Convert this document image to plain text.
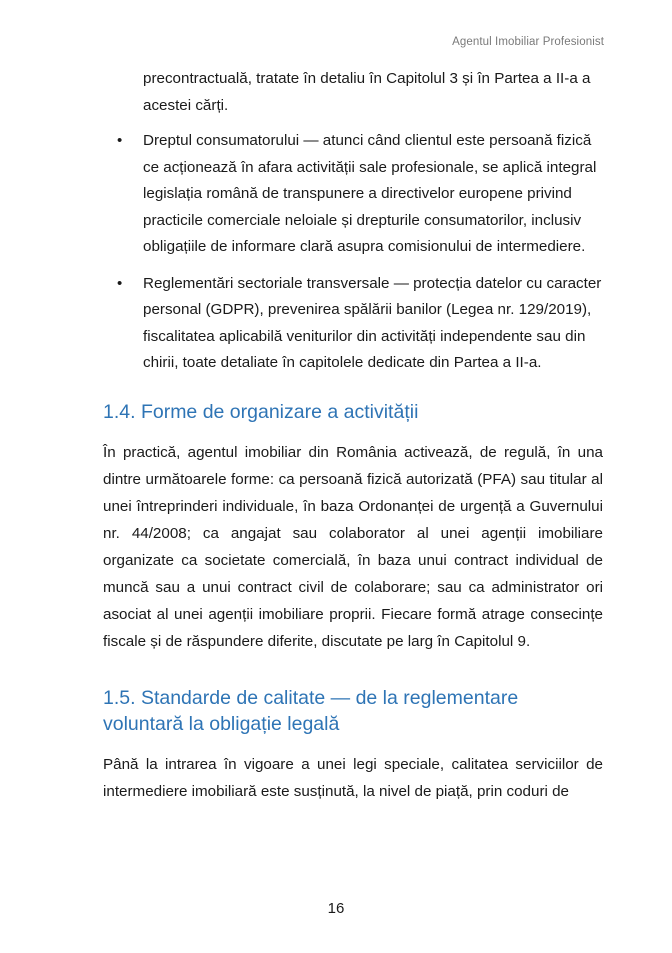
Agentul Imobiliar Profesionist

precontractuală, tratate în detaliu în Capitolul 3 și în Partea a II-a a acestei cărți.

• Dreptul consumatorului — atunci când clientul este persoană fizică ce acționează în afara activității sale profesionale, se aplică integral legislația română de transpunere a directivelor europene privind practicile comerciale neloiale și drepturile consumatorilor, inclusiv obligațiile de informare clară asupra comisionului de intermediere.
• Reglementări sectoriale transversale — protecția datelor cu caracter personal (GDPR), prevenirea spălării banilor (Legea nr. 129/2019), fiscalitatea aplicabilă veniturilor din activități independente sau din chirii, toate detaliate în capitolele dedicate din Partea a II-a.
1.4. Forme de organizare a activității

În practică, agentul imobiliar din România activează, de regulă, în una dintre următoarele forme: ca persoană fizică autorizată (PFA) sau titular al unei întreprinderi individuale, în baza Ordonanței de urgență a Guvernului nr. 44/2008; ca angajat sau colaborator al unei agenții imobiliare organizate ca societate comercială, în baza unui contract individual de muncă sau a unui contract civil de colaborare; sau ca administrator ori asociat al unei agenții imobiliare proprii. Fiecare formă atrage consecințe fiscale și de răspundere diferite, discutate pe larg în Capitolul 9.

1.5. Standarde de calitate — de la reglementare voluntară la obligație legală

Până la intrarea în vigoare a unei legi speciale, calitatea serviciilor de intermediere imobiliară este susținută, la nivel de piață, prin coduri de

16
